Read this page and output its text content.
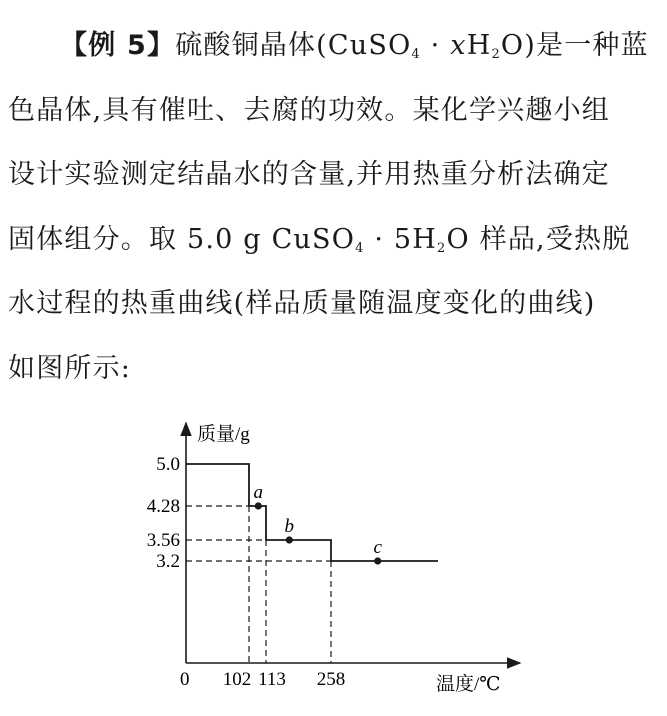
【例 5】硫酸铜晶体(CuSO$_4$ · $xH_2O$)是一种蓝
色晶体,具有催吐、去腐的功效。某化学兴趣小组
设计实验测定结晶水的含量,并用热重分析法确定
固体组分。取 5.0 g CuSO$_4$ · $5H_2O$ 样品,受热脱
水过程的热重曲线(样品质量随温度变化的曲线)
如图所示:
质量/g
温度/℃
0
5.0
4.28
3.56
3.2
102 113 258
a
b
c
